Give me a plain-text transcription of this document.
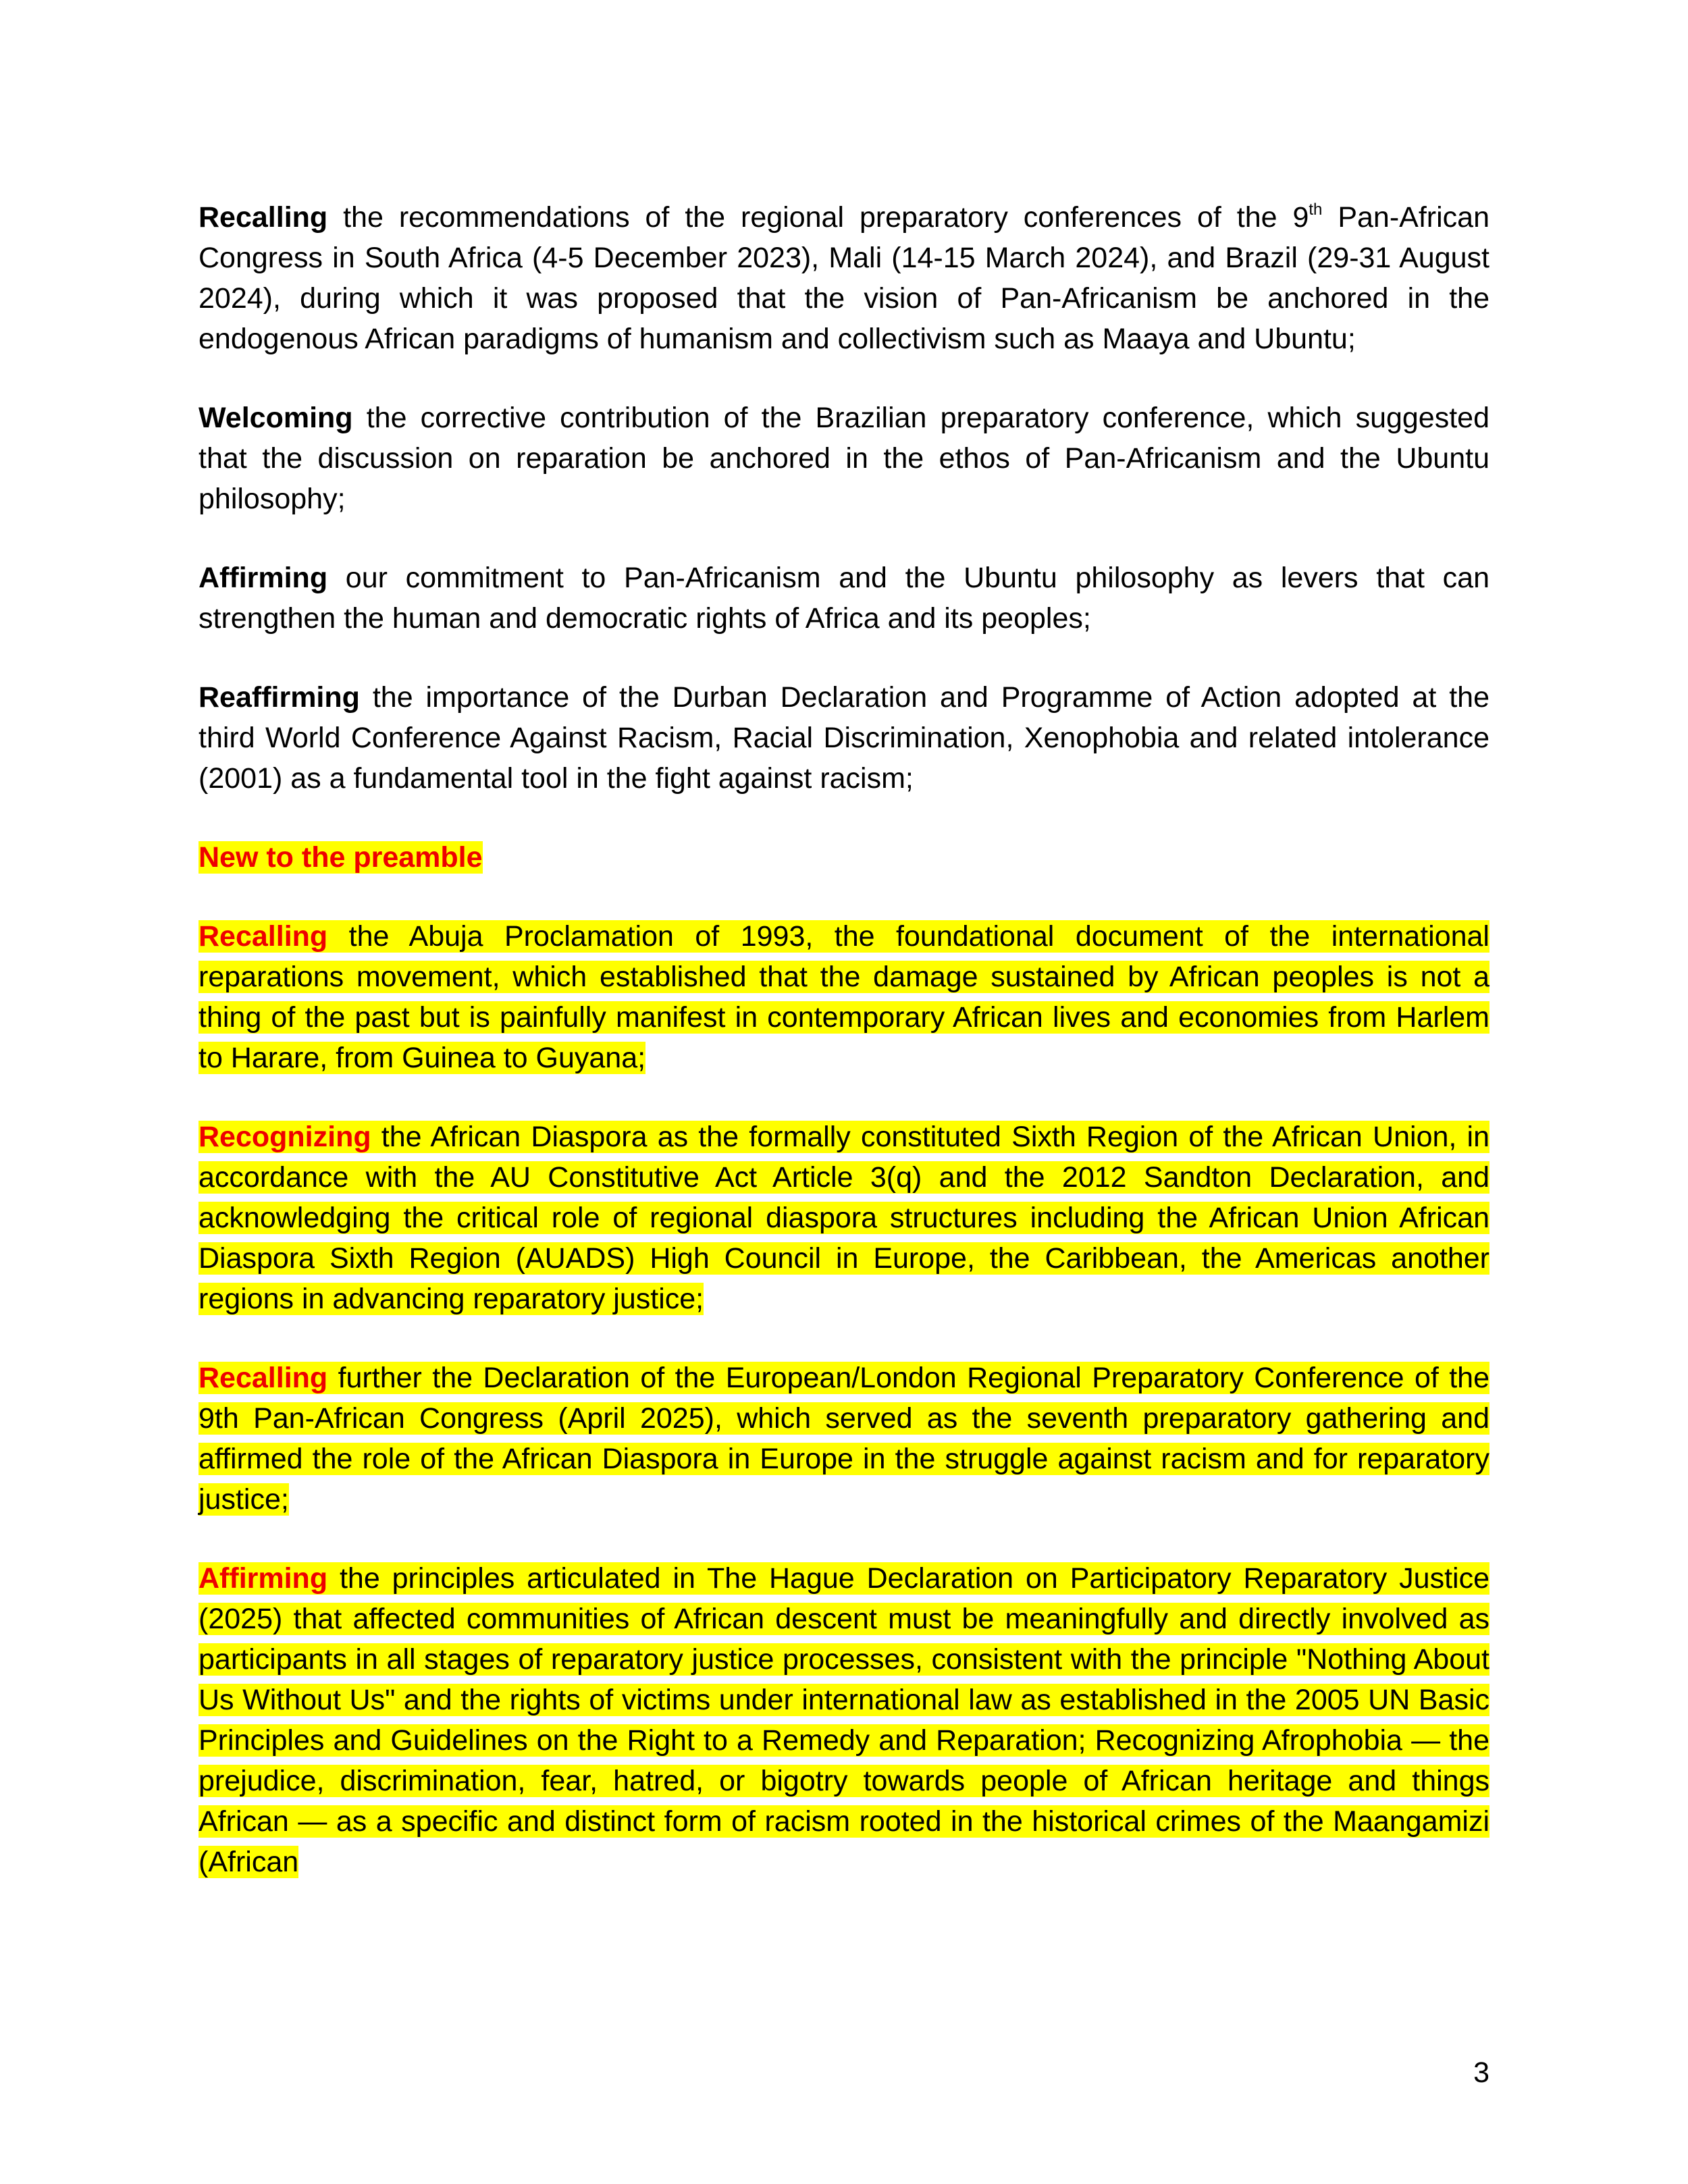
Recalling the recommendations of the regional preparatory conferences of the 9th Pan-African Congress in South Africa (4-5 December 2023), Mali (14-15 March 2024), and Brazil (29-31 August 2024), during which it was proposed that the vision of Pan-Africanism be anchored in the endogenous African paradigms of humanism and collectivism such as Maaya and Ubuntu;

Welcoming the corrective contribution of the Brazilian preparatory conference, which suggested that the discussion on reparation be anchored in the ethos of Pan-Africanism and the Ubuntu philosophy;

Affirming our commitment to Pan-Africanism and the Ubuntu philosophy as levers that can strengthen the human and democratic rights of Africa and its peoples;

Reaffirming the importance of the Durban Declaration and Programme of Action adopted at the third World Conference Against Racism, Racial Discrimination, Xenophobia and related intolerance (2001) as a fundamental tool in the fight against racism;

New to the preamble

Recalling the Abuja Proclamation of 1993, the foundational document of the international reparations movement, which established that the damage sustained by African peoples is not a thing of the past but is painfully manifest in contemporary African lives and economies from Harlem to Harare, from Guinea to Guyana;

Recognizing the African Diaspora as the formally constituted Sixth Region of the African Union, in accordance with the AU Constitutive Act Article 3(q) and the 2012 Sandton Declaration, and acknowledging the critical role of regional diaspora structures including the African Union African Diaspora Sixth Region (AUADS) High Council in Europe, the Caribbean, the Americas another regions in advancing reparatory justice;

Recalling further the Declaration of the European/London Regional Preparatory Conference of the 9th Pan-African Congress (April 2025), which served as the seventh preparatory gathering and affirmed the role of the African Diaspora in Europe in the struggle against racism and for reparatory justice;

Affirming the principles articulated in The Hague Declaration on Participatory Reparatory Justice (2025) that affected communities of African descent must be meaningfully and directly involved as participants in all stages of reparatory justice processes, consistent with the principle "Nothing About Us Without Us" and the rights of victims under international law as established in the 2005 UN Basic Principles and Guidelines on the Right to a Remedy and Reparation; Recognizing Afrophobia — the prejudice, discrimination, fear, hatred, or bigotry towards people of African heritage and things African — as a specific and distinct form of racism rooted in the historical crimes of the Maangamizi (African

3
